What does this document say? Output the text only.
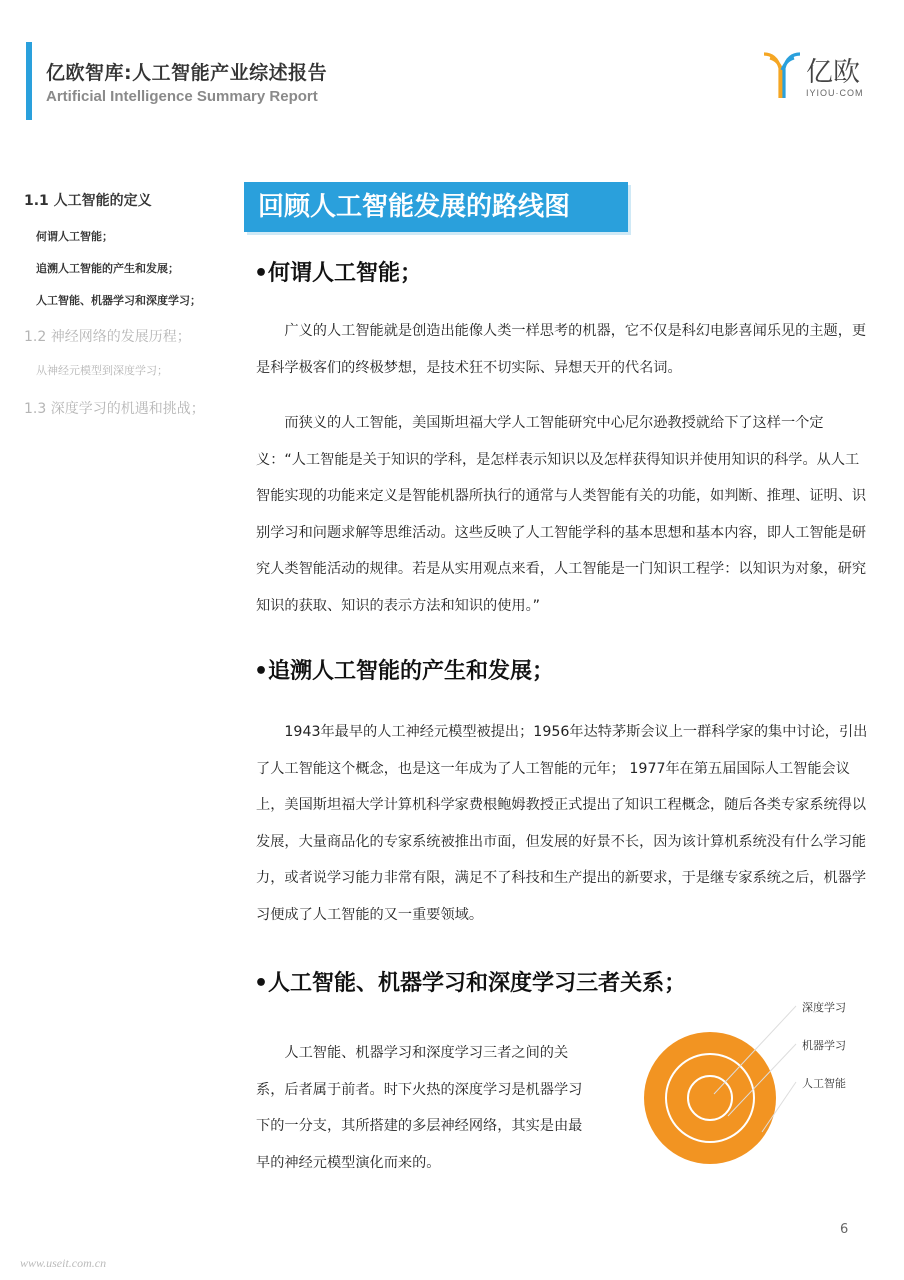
亿欧智库:人工智能产业综述报告
Artificial Intelligence Summary Report
亿欧
IYIOU·COM
1.1 人工智能的定义
何谓人工智能；
追溯人工智能的产生和发展；
人工智能、机器学习和深度学习；
1.2 神经网络的发展历程；
从神经元模型到深度学习；
1.3 深度学习的机遇和挑战；
回顾人工智能发展的路线图
•何谓人工智能；

广义的人工智能就是创造出能像人类一样思考的机器，它不仅是科幻电影喜闻乐见的主题，更是科学极客们的终极梦想，是技术狂不切实际、异想天开的代名词。

而狭义的人工智能，美国斯坦福大学人工智能研究中心尼尔逊教授就给下了这样一个定义：“人工智能是关于知识的学科，是怎样表示知识以及怎样获得知识并使用知识的科学。从人工智能实现的功能来定义是智能机器所执行的通常与人类智能有关的功能，如判断、推理、证明、识别学习和问题求解等思维活动。这些反映了人工智能学科的基本思想和基本内容，即人工智能是研究人类智能活动的规律。若是从实用观点来看，人工智能是一门知识工程学：以知识为对象，研究知识的获取、知识的表示方法和知识的使用。”

•追溯人工智能的产生和发展；

1943年最早的人工神经元模型被提出；1956年达特茅斯会议上一群科学家的集中讨论，引出了人工智能这个概念，也是这一年成为了人工智能的元年； 1977年在第五届国际人工智能会议上，美国斯坦福大学计算机科学家费根鲍姆教授正式提出了知识工程概念，随后各类专家系统得以发展，大量商品化的专家系统被推出市面，但发展的好景不长，因为该计算机系统没有什么学习能力，或者说学习能力非常有限，满足不了科技和生产提出的新要求，于是继专家系统之后，机器学习便成了人工智能的又一重要领域。

•人工智能、机器学习和深度学习三者关系；

人工智能、机器学习和深度学习三者之间的关系，后者属于前者。时下火热的深度学习是机器学习下的一分支，其所搭建的多层神经网络，其实是由最早的神经元模型演化而来的。

深度学习
机器学习
人工智能
6
www.useit.com.cn
